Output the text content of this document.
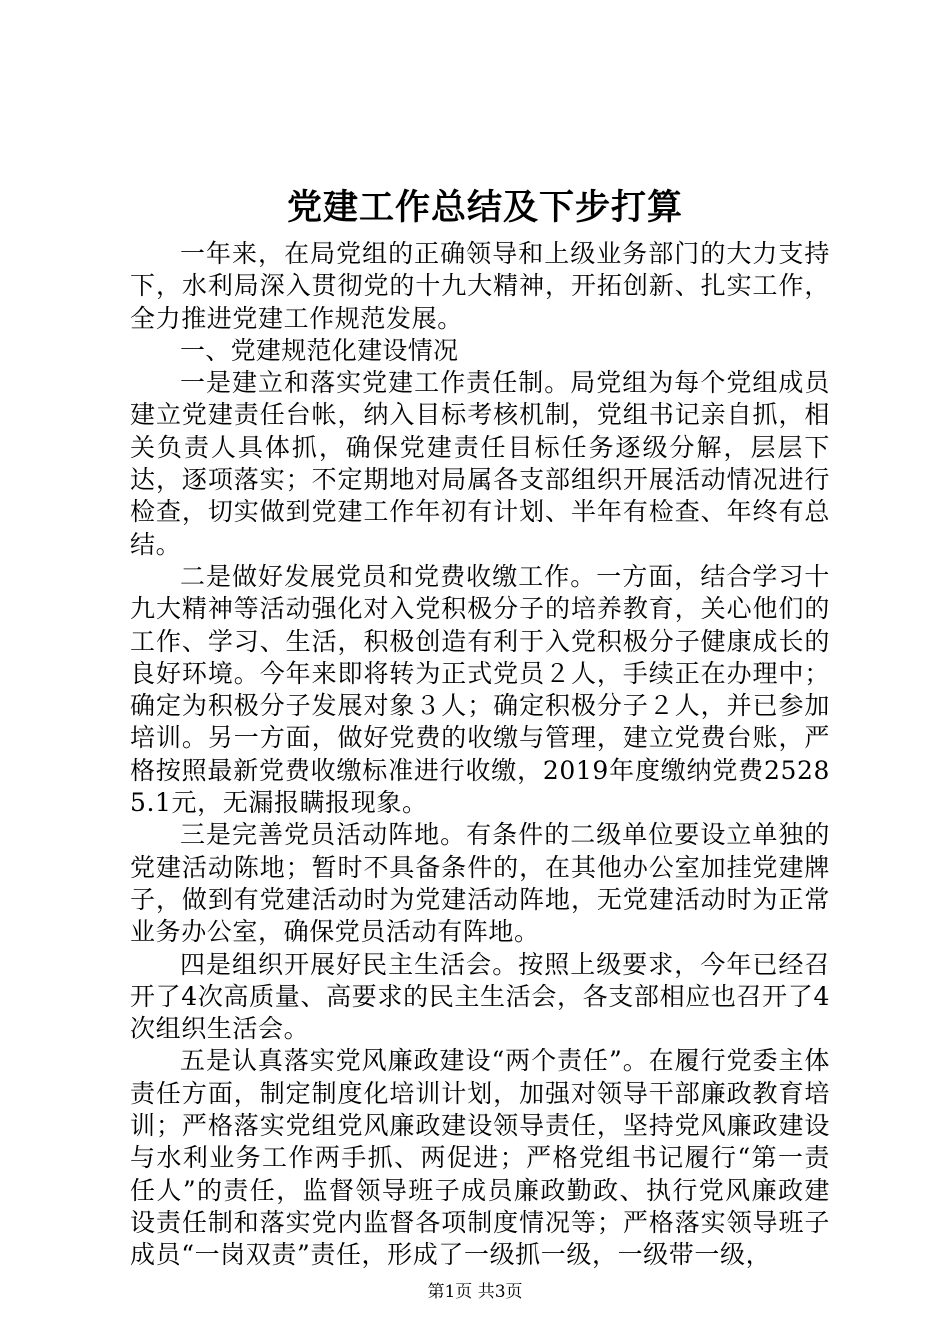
党建工作总结及下步打算

一年来，在局党组的正确领导和上级业务部门的大力支持下，水利局深入贯彻党的十九大精神，开拓创新、扎实工作，全力推进党建工作规范发展。

一、党建规范化建设情况

一是建立和落实党建工作责任制。局党组为每个党组成员建立党建责任台帐，纳入目标考核机制，党组书记亲自抓，相关负责人具体抓，确保党建责任目标任务逐级分解，层层下达，逐项落实；不定期地对局属各支部组织开展活动情况进行检查，切实做到党建工作年初有计划、半年有检查、年终有总结。

二是做好发展党员和党费收缴工作。一方面，结合学习十九大精神等活动强化对入党积极分子的培养教育，关心他们的工作、学习、生活，积极创造有利于入党积极分子健康成长的良好环境。今年来即将转为正式党员２人，手续正在办理中；确定为积极分子发展对象３人；确定积极分子２人，并已参加培训。另一方面，做好党费的收缴与管理，建立党费台账，严格按照最新党费收缴标准进行收缴，2019年度缴纳党费25285.1元，无漏报瞒报现象。

三是完善党员活动阵地。有条件的二级单位要设立单独的党建活动陈地；暂时不具备条件的，在其他办公室加挂党建牌子，做到有党建活动时为党建活动阵地，无党建活动时为正常业务办公室，确保党员活动有阵地。

四是组织开展好民主生活会。按照上级要求，今年已经召开了4次高质量、高要求的民主生活会，各支部相应也召开了4次组织生活会。

五是认真落实党风廉政建设“两个责任”。在履行党委主体责任方面，制定制度化培训计划，加强对领导干部廉政教育培训；严格落实党组党风廉政建设领导责任，坚持党风廉政建设与水利业务工作两手抓、两促进；严格党组书记履行“第一责任人”的责任，监督领导班子成员廉政勤政、执行党风廉政建设责任制和落实党内监督各项制度情况等；严格落实领导班子成员“一岗双责”责任，形成了一级抓一级，一级带一级，

第1页 共3页
